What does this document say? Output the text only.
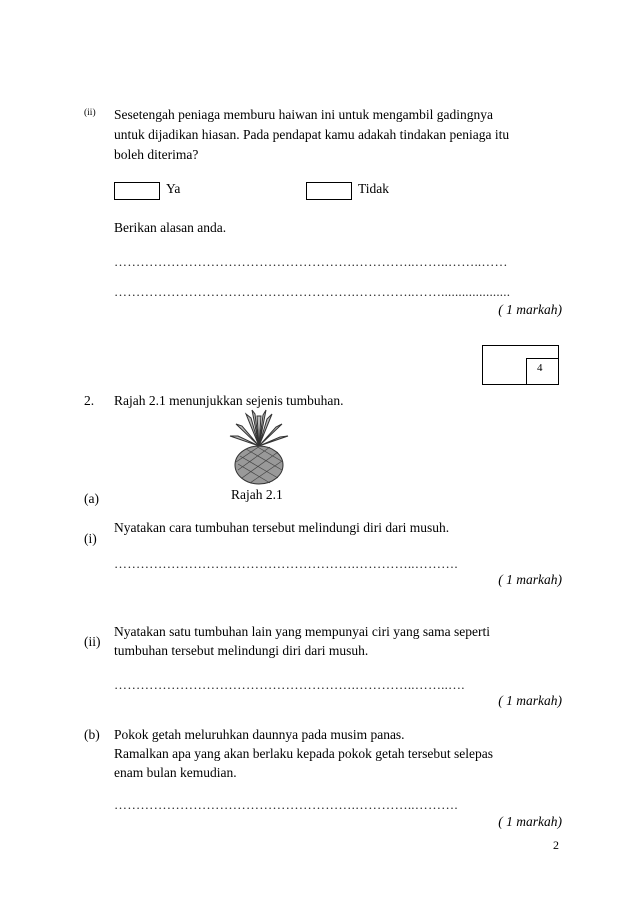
(ii) Sesetengah peniaga memburu haiwan ini untuk mengambil gadingnya
untuk dijadikan hiasan. Pada pendapat kamu adakah tindakan peniaga itu
boleh diterima?
Ya	Tidak
Berikan alasan anda.
……………………………………………….…………..……..……..……
……………………………………………….…………..……....................
( 1 markah)
4
2. Rajah 2.1 menunjukkan sejenis tumbuhan.
Rajah 2.1
(a)
(i)
Nyatakan cara tumbuhan tersebut melindungi diri dari musuh.
……………………………………………….…………..……….
( 1 markah)
(ii)
Nyatakan satu tumbuhan lain yang mempunyai ciri yang sama seperti
tumbuhan tersebut melindungi diri dari musuh.
……………………………………………….…………..……..….
( 1 markah)
(b) Pokok getah meluruhkan daunnya pada musim panas.
Ramalkan apa yang akan berlaku kepada pokok getah tersebut selepas
enam bulan kemudian.
……………………………………………….…………..……….
( 1 markah)
2
